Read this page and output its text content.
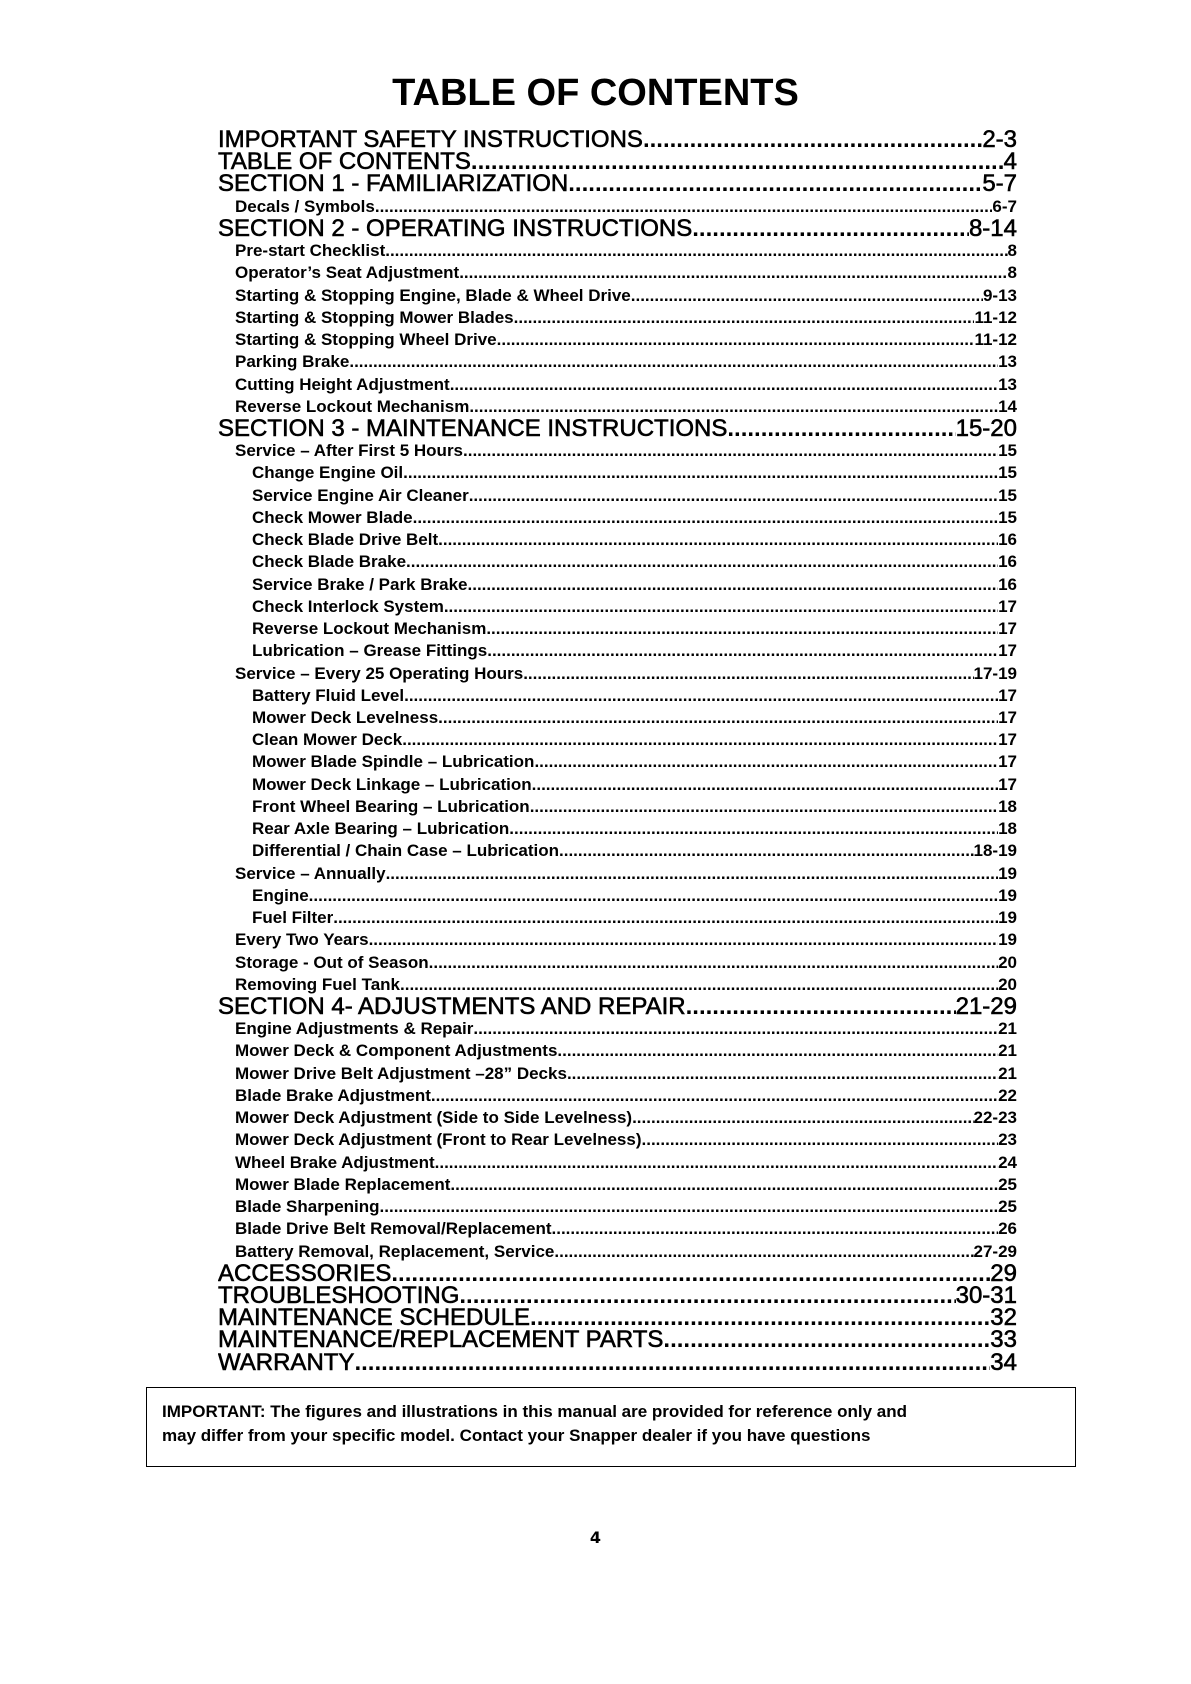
TABLE OF CONTENTS
IMPORTANT SAFETY INSTRUCTIONS .....	2-3
TABLE OF CONTENTS .....	4
SECTION 1 - FAMILIARIZATION .....	5-7
Decals / Symbols .....	6-7
SECTION 2 - OPERATING INSTRUCTIONS .....	8-14
Pre-start Checklist .....	8
Operator’s Seat Adjustment .....	8
Starting & Stopping Engine, Blade & Wheel Drive .....	9-13
Starting & Stopping Mower Blades .....	11-12
Starting & Stopping Wheel Drive .....	11-12
Parking Brake .....	13
Cutting Height Adjustment .....	13
Reverse Lockout Mechanism .....	14
SECTION 3 - MAINTENANCE INSTRUCTIONS .....	15-20
Service – After First 5 Hours .....	15
Change Engine Oil .....	15
Service Engine Air Cleaner .....	15
Check Mower Blade .....	15
Check Blade Drive Belt .....	16
Check Blade Brake .....	16
Service Brake / Park Brake .....	16
Check Interlock System .....	17
Reverse Lockout Mechanism .....	17
Lubrication – Grease Fittings .....	17
Service – Every 25 Operating Hours .....	17-19
Battery Fluid Level .....	17
Mower Deck Levelness .....	17
Clean Mower Deck .....	17
Mower Blade Spindle – Lubrication .....	17
Mower Deck Linkage – Lubrication .....	17
Front Wheel Bearing – Lubrication .....	18
Rear Axle Bearing – Lubrication .....	18
Differential / Chain Case – Lubrication .....	18-19
Service – Annually .....	19
Engine .....	19
Fuel Filter .....	19
Every Two Years .....	19
Storage - Out of Season .....	20
Removing Fuel Tank .....	20
SECTION 4- ADJUSTMENTS AND REPAIR .....	21-29
Engine Adjustments & Repair .....	21
Mower Deck & Component Adjustments .....	21
Mower Drive Belt Adjustment –28” Decks .....	21
Blade Brake Adjustment .....	22
Mower Deck Adjustment (Side to Side Levelness) .....	22-23
Mower Deck Adjustment (Front to Rear Levelness) .....	23
Wheel Brake Adjustment .....	24
Mower Blade Replacement .....	25
Blade Sharpening .....	25
Blade Drive Belt Removal/Replacement .....	26
Battery Removal, Replacement, Service .....	27-29
ACCESSORIES .....	29
TROUBLESHOOTING .....	30-31
MAINTENANCE SCHEDULE .....	32
MAINTENANCE/REPLACEMENT PARTS .....	33
WARRANTY .....	34
IMPORTANT: The figures and illustrations in this manual are provided for reference only and
may differ from your specific model. Contact your Snapper dealer if you have questions
4
